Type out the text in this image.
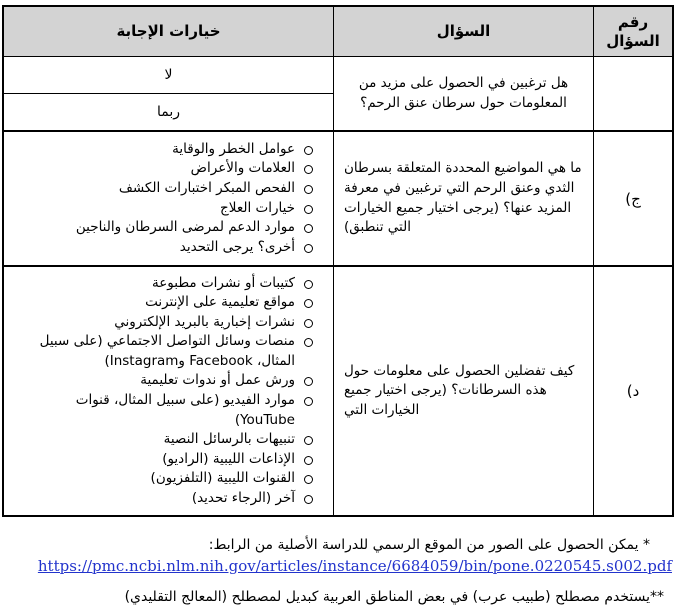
رقم السؤال
السؤال
خيارات الإجابة
هل ترغبين في الحصول على مزيد من المعلومات حول سرطان عنق الرحم؟
لا
ربما
ج)
ما هي المواضيع المحددة المتعلقة بسرطان الثدي وعنق الرحم التي ترغبين في معرفة المزيد عنها؟ (يرجى اختيار جميع الخيارات التي تنطبق)
عوامل الخطر والوقاية
العلامات والأعراض
الفحص المبكر اختبارات الكشف
خيارات العلاج
موارد الدعم لمرضى السرطان والناجين
أخرى؟ يرجى التحديد
د)
كيف تفضلين الحصول على معلومات حول هذه السرطانات؟ (يرجى اختيار جميع الخيارات التي
كتيبات أو نشرات مطبوعة
مواقع تعليمية على الإنترنت
نشرات إخبارية بالبريد الإلكتروني
منصات وسائل التواصل الاجتماعي (على سبيل المثال، Facebook وInstagram)
ورش عمل أو ندوات تعليمية
موارد الفيديو (على سبيل المثال، قنوات YouTube)
تنبيهات بالرسائل النصية
الإذاعات الليبية (الراديو)
القنوات الليبية (التلفزيون)
آخر (الرجاء تحديد)
* يمكن الحصول على الصور من الموقع الرسمي للدراسة الأصلية من الرابط:
https://pmc.ncbi.nlm.nih.gov/articles/instance/6684059/bin/pone.0220545.s002.pdf
**يستخدم مصطلح (طبيب عرب) في بعض المناطق العربية كبديل لمصطلح (المعالج التقليدي)
